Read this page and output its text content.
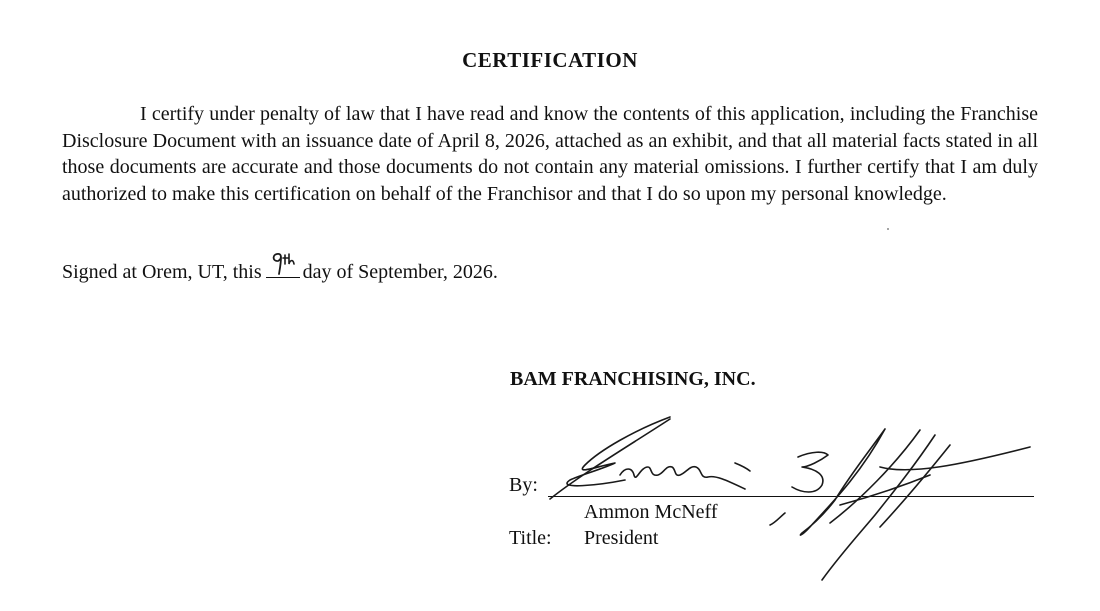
CERTIFICATION

I certify under penalty of law that I have read and know the contents of this application, including the Franchise Disclosure Document with an issuance date of April 8, 2026, attached as an exhibit, and that all material facts stated in all those documents are accurate and those documents do not contain any material omissions. I further certify that I am duly authorized to make this certification on behalf of the Franchisor and that I do so upon my personal knowledge.

Signed at Orem, UT, this day of September, 2026.
BAM FRANCHISING, INC.
By:
Ammon McNeff
Title: President
